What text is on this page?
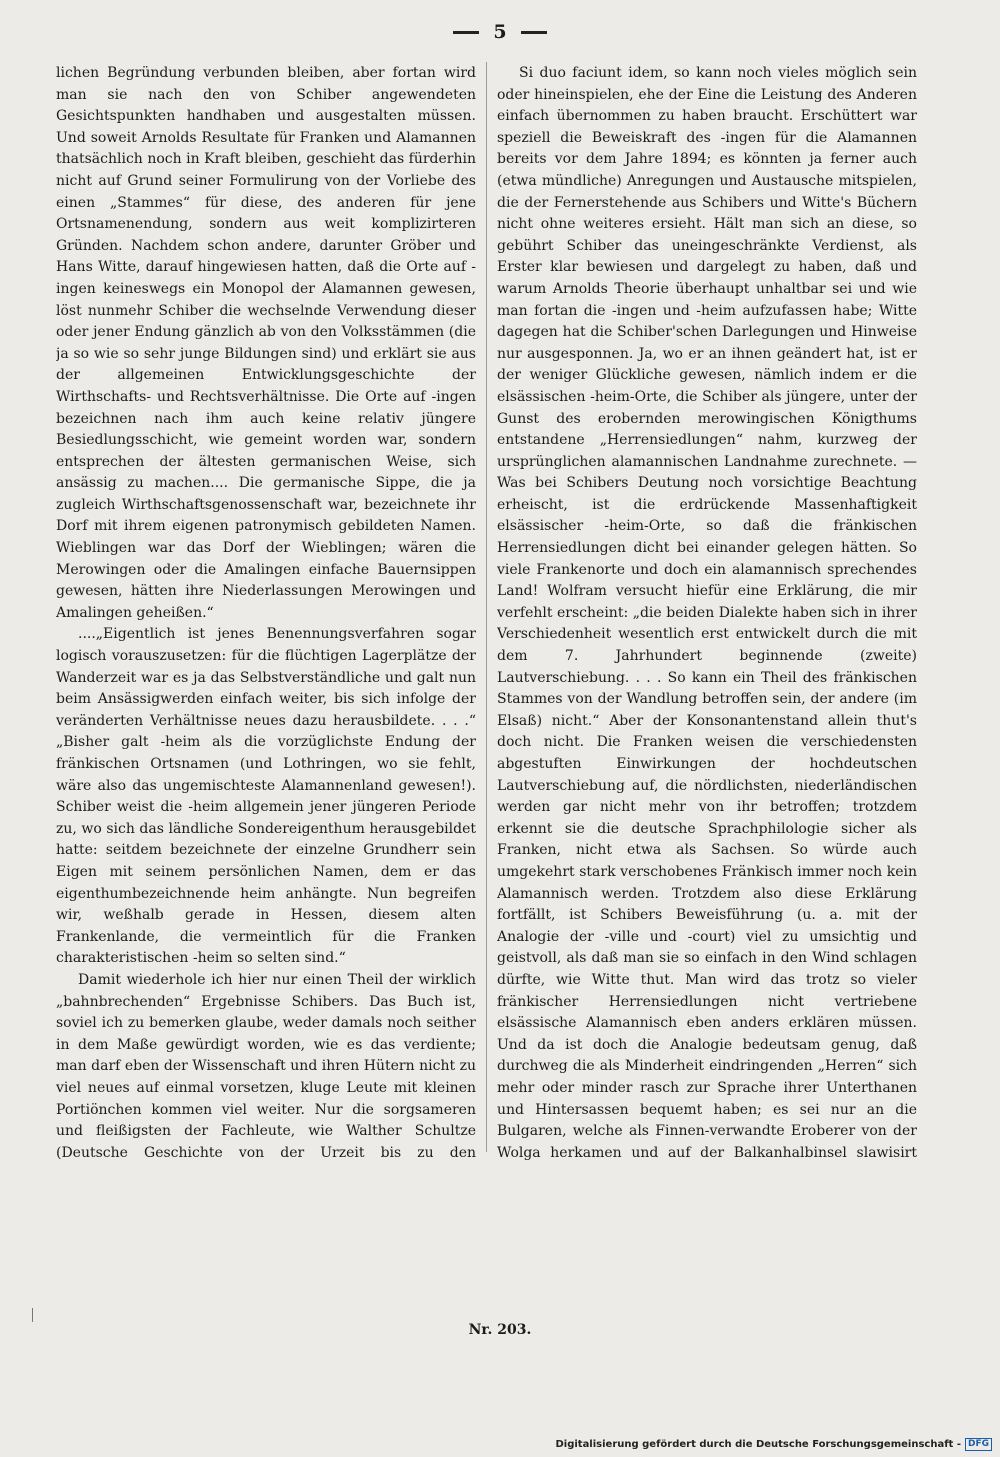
5

lichen Begründung verbunden bleiben, aber fortan wird man sie nach den von Schiber angewendeten Gesichtspunkten handhaben und ausgestalten müssen. Und soweit Arnolds Resultate für Franken und Alamannen thatsächlich noch in Kraft bleiben, geschieht das fürderhin nicht auf Grund seiner Formulirung von der Vorliebe des einen „Stammes“ für diese, des anderen für jene Ortsnamenendung, sondern aus weit komplizirteren Gründen. Nachdem schon andere, darunter Gröber und Hans Witte, darauf hingewiesen hatten, daß die Orte auf -ingen keineswegs ein Monopol der Alamannen gewesen, löst nunmehr Schiber die wechselnde Verwendung dieser oder jener Endung gänzlich ab von den Volksstämmen (die ja so wie so sehr junge Bildungen sind) und erklärt sie aus der allgemeinen Entwicklungsgeschichte der Wirthschafts- und Rechtsverhältnisse. Die Orte auf -ingen bezeichnen nach ihm auch keine relativ jüngere Besiedlungsschicht, wie gemeint worden war, sondern entsprechen der ältesten germanischen Weise, sich ansässig zu machen.... Die germanische Sippe, die ja zugleich Wirthschaftsgenossenschaft war, bezeichnete ihr Dorf mit ihrem eigenen patronymisch gebildeten Namen. Wieblingen war das Dorf der Wieblingen; wären die Merowingen oder die Amalingen einfache Bauernsippen gewesen, hätten ihre Niederlassungen Merowingen und Amalingen geheißen.“

....„Eigentlich ist jenes Benennungsverfahren sogar logisch vorauszusetzen: für die flüchtigen Lagerplätze der Wanderzeit war es ja das Selbstverständliche und galt nun beim Ansässigwerden einfach weiter, bis sich infolge der veränderten Verhältnisse neues dazu herausbildete. . . .“ „Bisher galt -heim als die vorzüglichste Endung der fränkischen Ortsnamen (und Lothringen, wo sie fehlt, wäre also das ungemischteste Alamannenland gewesen!). Schiber weist die -heim allgemein jener jüngeren Periode zu, wo sich das ländliche Sondereigenthum herausgebildet hatte: seitdem bezeichnete der einzelne Grundherr sein Eigen mit seinem persönlichen Namen, dem er das eigenthumbezeichnende heim anhängte. Nun begreifen wir, weßhalb gerade in Hessen, diesem alten Frankenlande, die vermeintlich für die Franken charakteristischen -heim so selten sind.“

Damit wiederhole ich hier nur einen Theil der wirklich „bahnbrechenden“ Ergebnisse Schibers. Das Buch ist, soviel ich zu bemerken glaube, weder damals noch seither in dem Maße gewürdigt worden, wie es das verdiente; man darf eben der Wissenschaft und ihren Hütern nicht zu viel neues auf einmal vorsetzen, kluge Leute mit kleinen Portiönchen kommen viel weiter. Nur die sorgsameren und fleißigsten der Fachleute, wie Walther Schultze (Deutsche Geschichte von der Urzeit bis zu den

Si duo faciunt idem, so kann noch vieles möglich sein oder hineinspielen, ehe der Eine die Leistung des Anderen einfach übernommen zu haben braucht. Erschüttert war speziell die Beweiskraft des -ingen für die Alamannen bereits vor dem Jahre 1894; es könnten ja ferner auch (etwa mündliche) Anregungen und Austausche mitspielen, die der Fernerstehende aus Schibers und Witte's Büchern nicht ohne weiteres ersieht. Hält man sich an diese, so gebührt Schiber das uneingeschränkte Verdienst, als Erster klar bewiesen und dargelegt zu haben, daß und warum Arnolds Theorie überhaupt unhaltbar sei und wie man fortan die -ingen und -heim aufzufassen habe; Witte dagegen hat die Schiber'schen Darlegungen und Hinweise nur ausgesponnen. Ja, wo er an ihnen geändert hat, ist er der weniger Glückliche gewesen, nämlich indem er die elsässischen -heim-Orte, die Schiber als jüngere, unter der Gunst des erobernden merowingischen Königthums entstandene „Herrensiedlungen“ nahm, kurzweg der ursprünglichen alamannischen Landnahme zurechnete. — Was bei Schibers Deutung noch vorsichtige Beachtung erheischt, ist die erdrückende Massenhaftigkeit elsässischer -heim-Orte, so daß die fränkischen Herrensiedlungen dicht bei einander gelegen hätten. So viele Frankenorte und doch ein alamannisch sprechendes Land! Wolfram versucht hiefür eine Erklärung, die mir verfehlt erscheint: „die beiden Dialekte haben sich in ihrer Verschiedenheit wesentlich erst entwickelt durch die mit dem 7. Jahrhundert beginnende (zweite) Lautverschiebung. . . . So kann ein Theil des fränkischen Stammes von der Wandlung betroffen sein, der andere (im Elsaß) nicht.“ Aber der Konsonantenstand allein thut's doch nicht. Die Franken weisen die verschiedensten abgestuften Einwirkungen der hochdeutschen Lautverschiebung auf, die nördlichsten, niederländischen werden gar nicht mehr von ihr betroffen; trotzdem erkennt sie die deutsche Sprachphilologie sicher als Franken, nicht etwa als Sachsen. So würde auch umgekehrt stark verschobenes Fränkisch immer noch kein Alamannisch werden. Trotzdem also diese Erklärung fortfällt, ist Schibers Beweisführung (u. a. mit der Analogie der -ville und -court) viel zu umsichtig und geistvoll, als daß man sie so einfach in den Wind schlagen dürfte, wie Witte thut. Man wird das trotz so vieler fränkischer Herrensiedlungen nicht vertriebene elsässische Alamannisch eben anders erklären müssen. Und da ist doch die Analogie bedeutsam genug, daß durchweg die als Minderheit eindringenden „Herren“ sich mehr oder minder rasch zur Sprache ihrer Unterthanen und Hintersassen bequemt haben; es sei nur an die Bulgaren, welche als Finnen-verwandte Eroberer von der Wolga herkamen und auf der Balkanhalbinsel slawisirt

Nr. 203.
Digitalisierung gefördert durch die Deutsche Forschungsgemeinschaft - DFG
